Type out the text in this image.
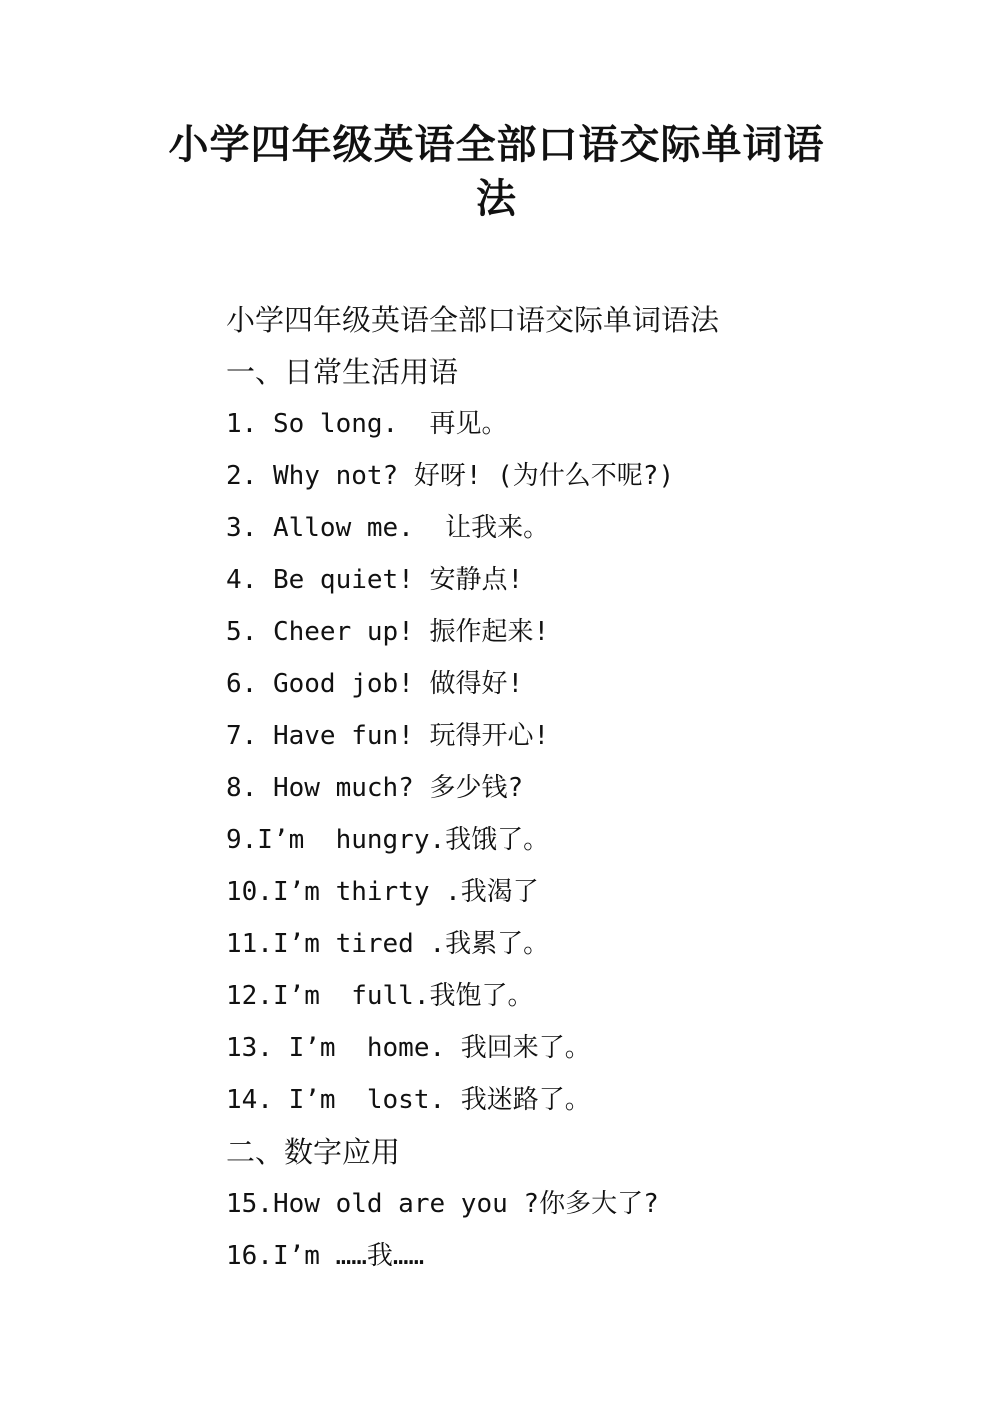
小学四年级英语全部口语交际单词语法
小学四年级英语全部口语交际单词语法
一、日常生活用语
1. So long.  再见。
2. Why not? 好呀! (为什么不呢?)
3. Allow me.  让我来。
4. Be quiet! 安静点!
5. Cheer up! 振作起来!
6. Good job! 做得好!
7. Have fun! 玩得开心!
8. How much? 多少钱?
9.I’m  hungry.我饿了。
10.I’m thirty .我渴了
11.I’m tired .我累了。
12.I’m  full.我饱了。
13. I’m  home. 我回来了。
14. I’m  lost. 我迷路了。
二、数字应用
15.How old are you ?你多大了?
16.I’m ……我……
